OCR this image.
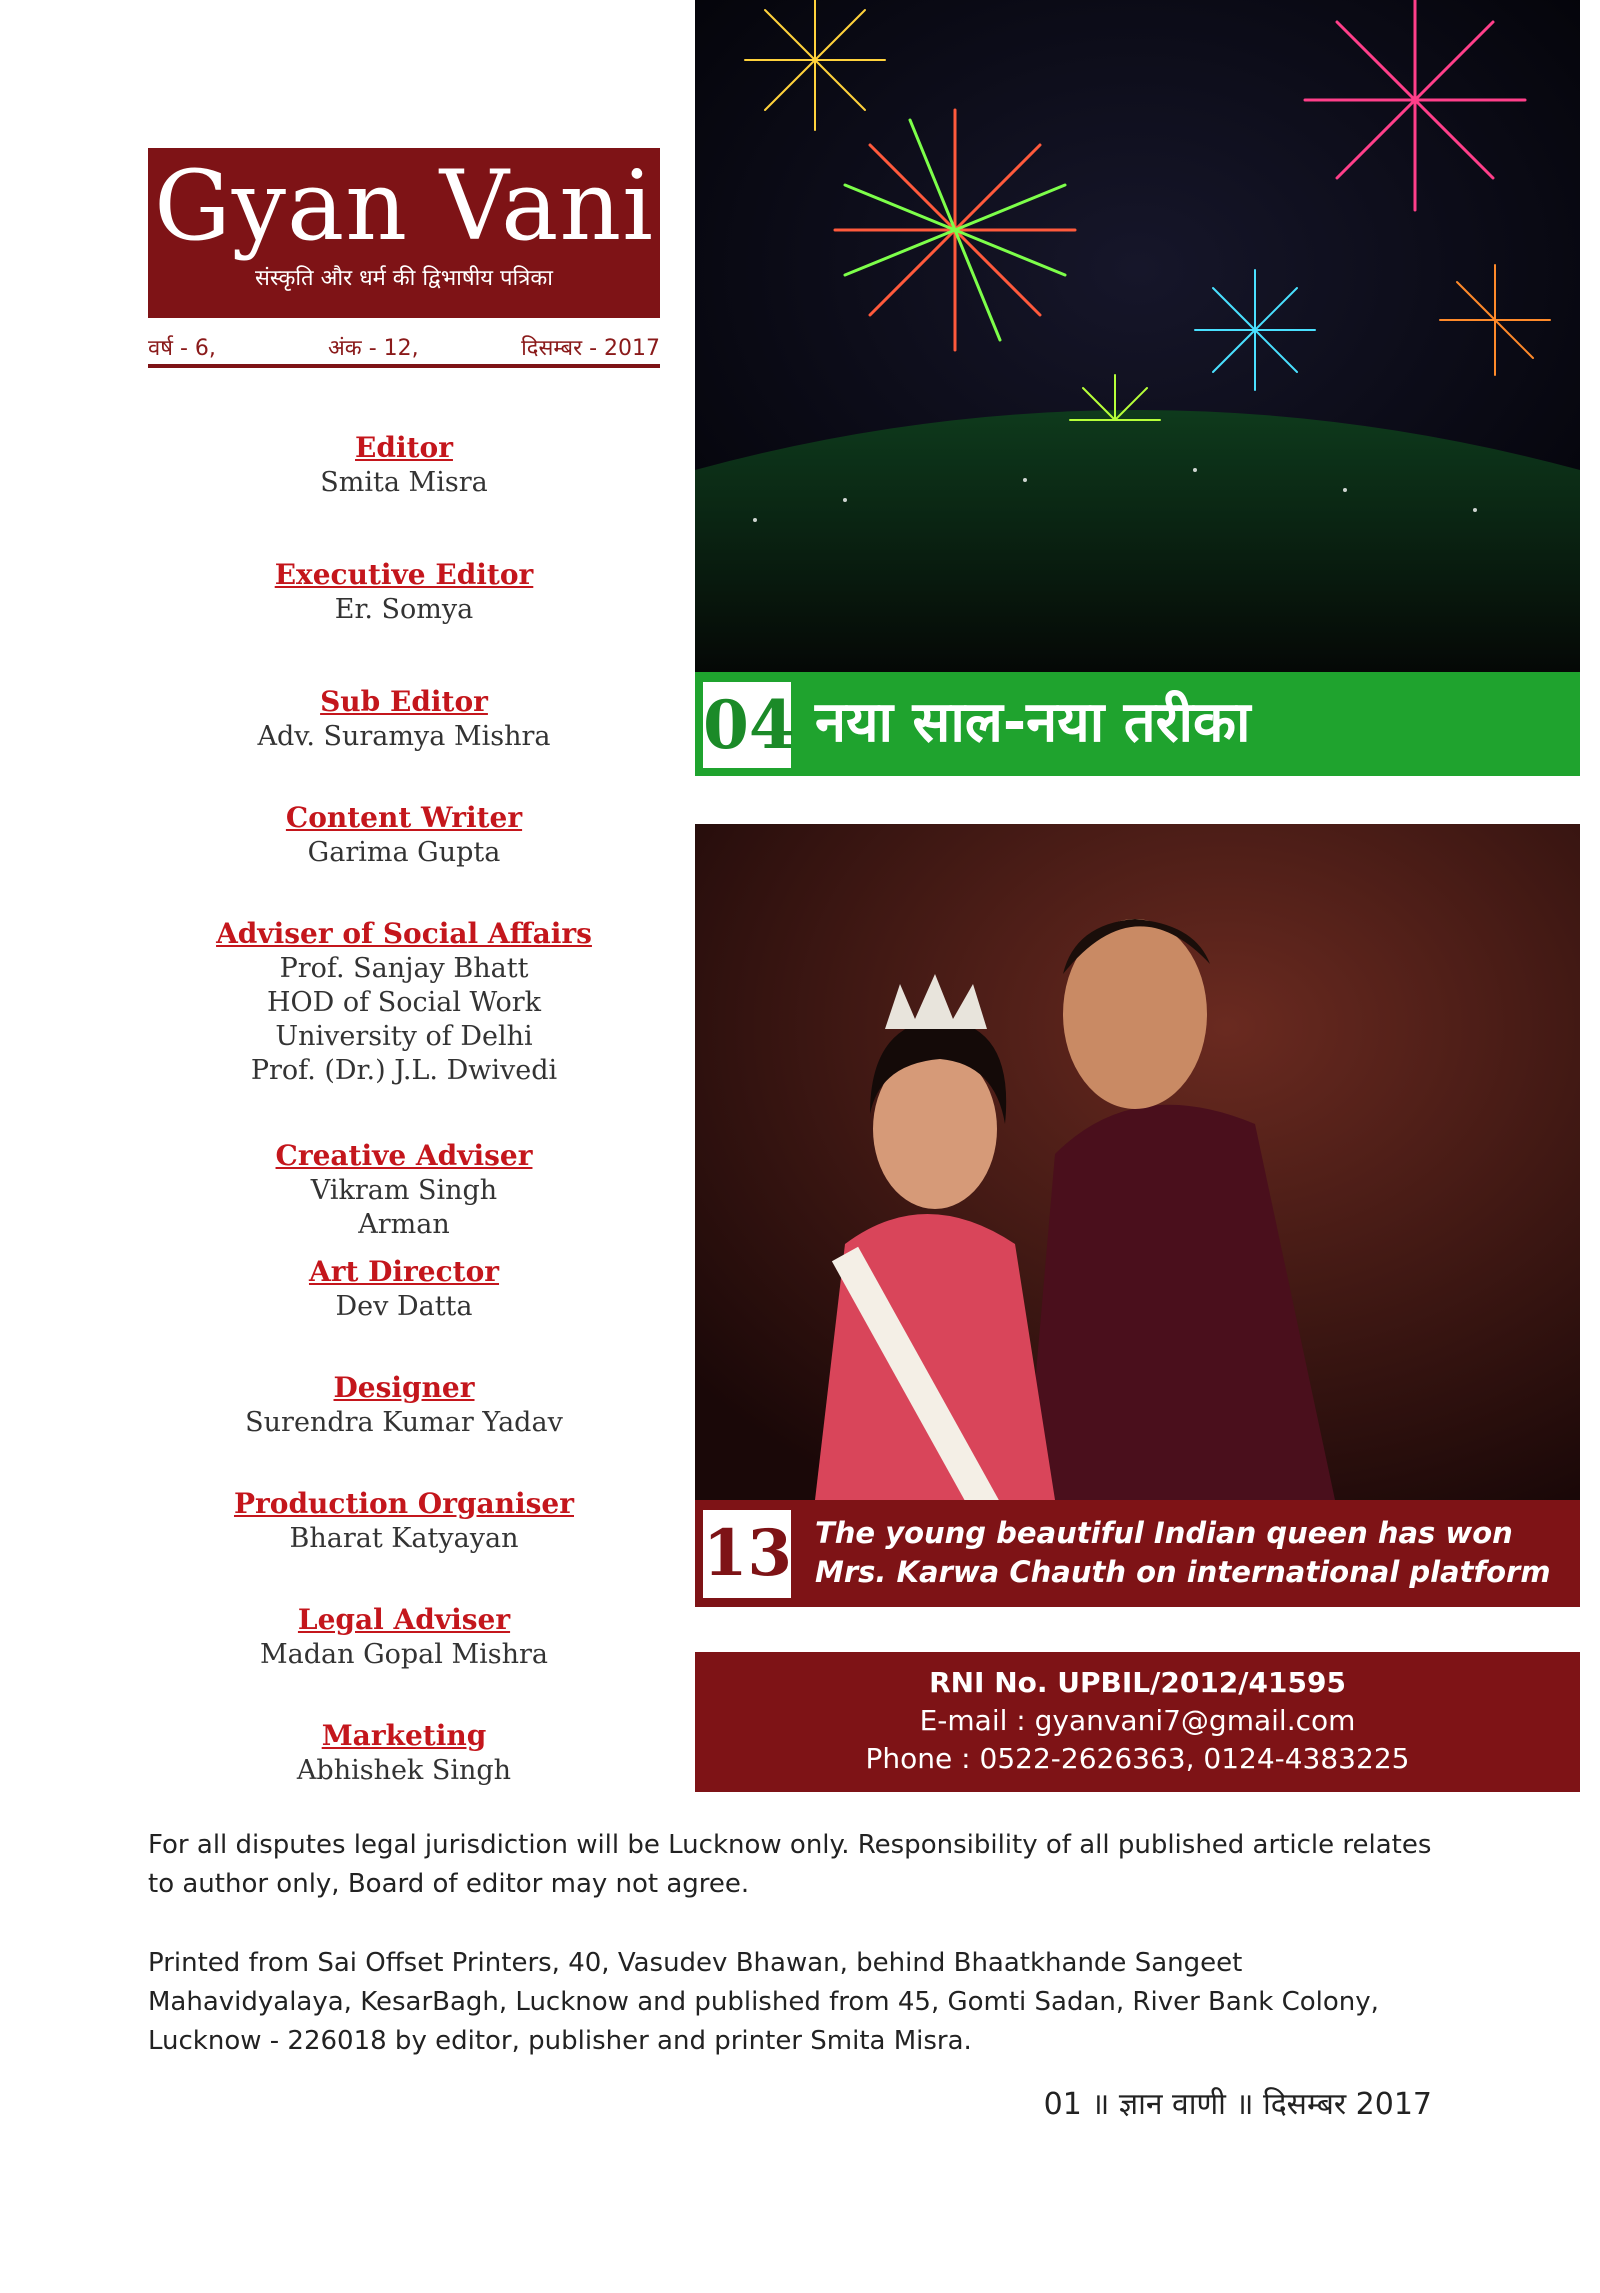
Gyan Vani
संस्कृति और धर्म की द्विभाषीय पत्रिका
वर्ष - 6,	अंक - 12,	दिसम्बर - 2017
Editor
Smita Misra
Executive Editor
Er. Somya
Sub Editor
Adv. Suramya Mishra
Content Writer
Garima Gupta
Adviser of Social Affairs
Prof. Sanjay Bhatt
HOD of Social Work
University of Delhi
Prof. (Dr.) J.L. Dwivedi
Creative Adviser
Vikram Singh
Arman
Art Director
Dev Datta
Designer
Surendra Kumar Yadav
Production Organiser
Bharat Katyayan
Legal Adviser
Madan Gopal Mishra
Marketing
Abhishek Singh
04 नया साल-नया तरीका
13 The young beautiful Indian queen has won
Mrs. Karwa Chauth on international platform
RNI No. UPBIL/2012/41595
E-mail : gyanvani7@gmail.com
Phone : 0522-2626363, 0124-4383225
For all disputes legal jurisdiction will be Lucknow only. Responsibility of all published article relates to author only, Board of editor may not agree.
Printed from Sai Offset Printers, 40, Vasudev Bhawan, behind Bhaatkhande Sangeet Mahavidyalaya, KesarBagh, Lucknow and published from 45, Gomti Sadan, River Bank Colony, Lucknow - 226018 by editor, publisher and printer Smita Misra.
01 ॥ ज्ञान वाणी ॥ दिसम्बर 2017
